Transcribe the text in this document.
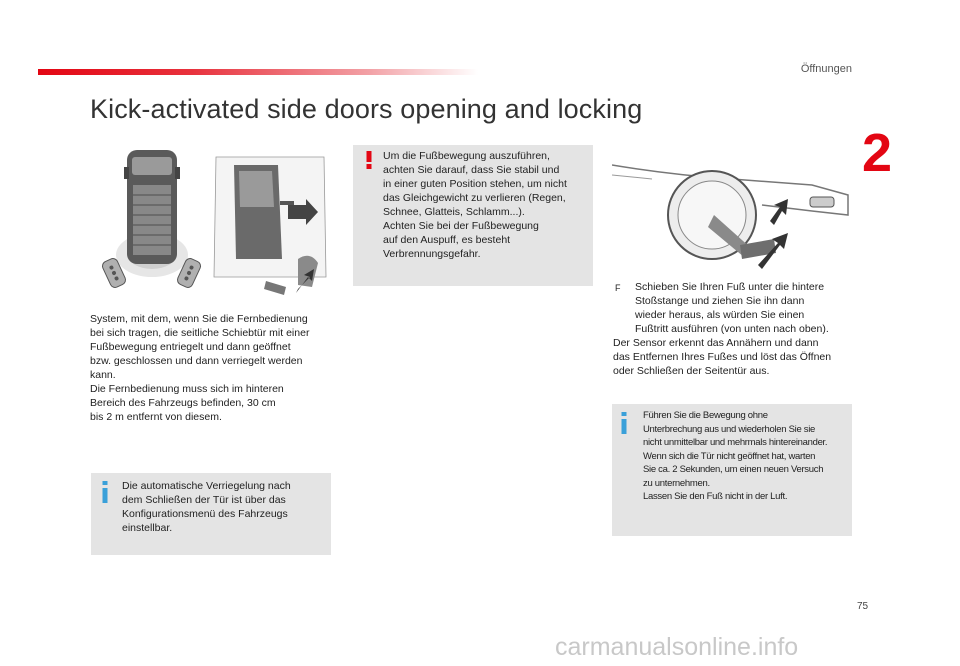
Öffnungen
2
Kick-activated side doors opening and locking
Um die Fußbewegung auszuführen,
achten Sie darauf, dass Sie stabil und
in einer guten Position stehen, um nicht
das Gleichgewicht zu verlieren (Regen,
Schnee, Glatteis, Schlamm...).
Achten Sie bei der Fußbewegung
auf den Auspuff, es besteht
Verbrennungsgefahr.
System, mit dem, wenn Sie die Fernbedienung
bei sich tragen, die seitliche Schiebtür mit einer
Fußbewegung entriegelt und dann geöffnet
bzw. geschlossen und dann verriegelt werden
kann.
Die Fernbedienung muss sich im hinteren
Bereich des Fahrzeugs befinden, 30 cm
bis 2 m entfernt von diesem.
Die automatische Verriegelung nach
dem Schließen der Tür ist über das
Konfigurationsmenü des Fahrzeugs
einstellbar.
F Schieben Sie Ihren Fuß unter die hintere
Stoßstange und ziehen Sie ihn dann
wieder heraus, als würden Sie einen
Fußtritt ausführen (von unten nach oben).
Der Sensor erkennt das Annähern und dann
das Entfernen Ihres Fußes und löst das Öffnen
oder Schließen der Seitentür aus.
Führen Sie die Bewegung ohne
Unterbrechung aus und wiederholen Sie sie
nicht unmittelbar und mehrmals hintereinander.
Wenn sich die Tür nicht geöffnet hat, warten
Sie ca. 2 Sekunden, um einen neuen Versuch
zu unternehmen.
Lassen Sie den Fuß nicht in der Luft.
75
carmanualsonline.info
